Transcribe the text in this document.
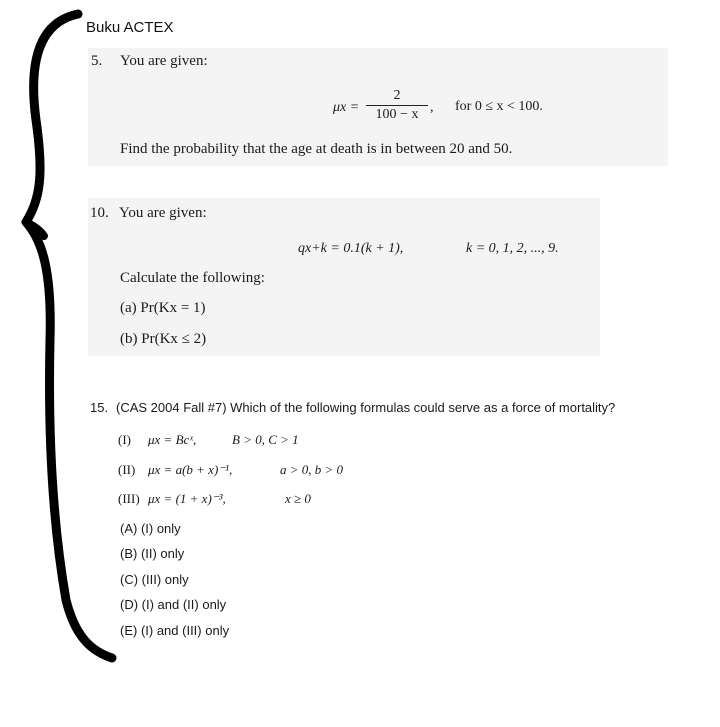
Buku ACTEX
5. You are given:
$\mu x = \frac{2}{100 - x}$ , for 0 ≤ x < 100.
Find the probability that the age at death is in between 20 and 50.
10. You are given:
qx+k = 0.1(k + 1),	k = 0, 1, 2, ..., 9.
Calculate the following:
(a) Pr(Kx = 1)
(b) Pr(Kx ≤ 2)
15. (CAS 2004 Fall #7) Which of the following formulas could serve as a force of mortality?
(I) μx = Bcˣ,	B > 0, C > 1
(II) μx = a(b + x)⁻¹,	a > 0, b > 0
(III) μx = (1 + x)⁻³,	x ≥ 0
(A) (I) only
(B) (II) only
(C) (III) only
(D) (I) and (II) only
(E) (I) and (III) only
